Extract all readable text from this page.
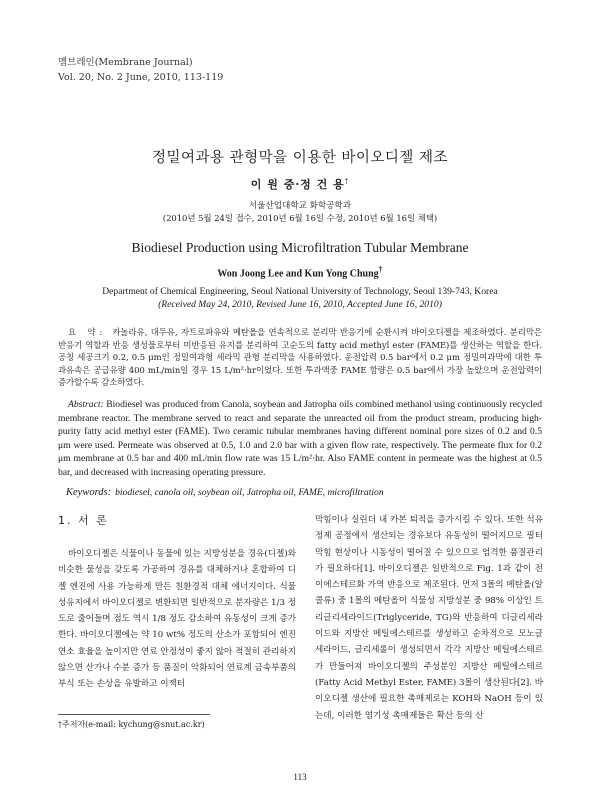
멤브레인(Membrane Journal)
Vol. 20, No. 2 June, 2010, 113-119
정밀여과용 관형막을 이용한 바이오디젤 제조
이 원 중·정 건 용†
서울산업대학교 화학공학과
(2010년 5월 24일 접수, 2010년 6월 16일 수정, 2010년 6월 16일 채택)
Biodiesel Production using Microfiltration Tubular Membrane
Won Joong Lee and Kun Yong Chung†
Department of Chemical Engineering, Seoul National University of Technology, Seoul 139-743, Korea
(Received May 24, 2010, Revised June 16, 2010, Accepted June 16, 2010)
요 약: 카놀라유, 대두유, 자트로파유와 메탄올을 연속적으로 분리막 반응기에 순환시켜 바이오디젤을 제조하였다. 분리막은 반응기 역할과 반응 생성물로부터 미반응된 유지를 분리하여 고순도의 fatty acid methyl ester (FAME)를 생산하는 역할을 한다. 공칭 세공크기 0.2, 0.5 μm인 정밀여과형 세라믹 관형 분리막을 사용하였다. 운전압력 0.5 bar에서 0.2 μm 정밀여과막에 대한 투과유속은 공급유량 400 mL/min일 경우 15 L/m²·hr이었다. 또한 투과액중 FAME 함량은 0.5 bar에서 가장 높았으며 운전압력이 증가할수록 감소하였다.
Abstract: Biodiesel was produced from Canola, soybean and Jatropha oils combined methanol using continuously recycled membrane reactor. The membrane served to react and separate the unreacted oil from the product stream, producing high-purity fatty acid methyl ester (FAME). Two ceramic tubular membranes having different nominal pore sizes of 0.2 and 0.5 μm were used. Permeate was observed at 0.5, 1.0 and 2.0 bar with a given flow rate, respectively. The permeate flux for 0.2 μm membrane at 0.5 bar and 400 mL/min flow rate was 15 L/m²·hr. Also FAME content in permeate was the highest at 0.5 bar, and decreased with increasing operating pressure.
Keywords: biodiesel, canola oil, soybean oil, Jatropha oil, FAME, microfiltration
1. 서 론

바이오디젤은 식물이나 동물에 있는 지방성분을 경유(디젤)와 비슷한 물성을 갖도록 가공하여 경유를 대체하거나 혼합하여 디젤 엔진에 사용 가능하게 만든 친환경적 대체 에너지이다. 식물성유지에서 바이오디젤로 변환되면 일반적으로 분자량은 1/3 정도로 줄어들며 점도 역시 1/8 정도 감소하여 유동성이 크게 증가한다. 바이오디젤에는 약 10 wt% 정도의 산소가 포함되어 엔진 연소 효율을 높이지만 연료 안정성이 좋지 않아 적절히 관리하지 않으면 산가나 수분 증가 등 품질이 악화되어 연료계 금속부품의 부식 또는 손상을 유발하고 이젝터

막힘이나 실린더 내 카본 퇴적을 증가시킬 수 있다. 또한 석유정제 공정에서 생산되는 경유보다 유동성이 떨어지므로 필터 막힘 현상이나 시동성이 떨어질 수 있으므로 엄격한 품질관리가 필요하다[1]. 바이오디젤은 일반적으로 Fig. 1과 같이 전이에스테르화 가역 반응으로 제조된다. 먼저 3몰의 메탄올(알콜류) 중 1몰의 메탄올이 식물성 지방성분 중 98% 이상인 트리글리세라이드(Triglyceride, TG)와 반응하여 디글리세라이드와 지방산 메틸에스테르를 생성하고 순차적으로 모노글세라이드, 글리세롤이 생성되면서 각각 지방산 메틸에스테르가 만들어져 바이오디젤의 주성분인 지방산 메틸에스테르(Fatty Acid Methyl Ester, FAME) 3몰이 생산된다[2]. 바이오디젤 생산에 필요한 촉매제로는 KOH와 NaOH 등이 있는데, 이러한 염기성 촉매제들은 확산 등의 산

†주저자(e-mail: kychung@snut.ac.kr)
113
